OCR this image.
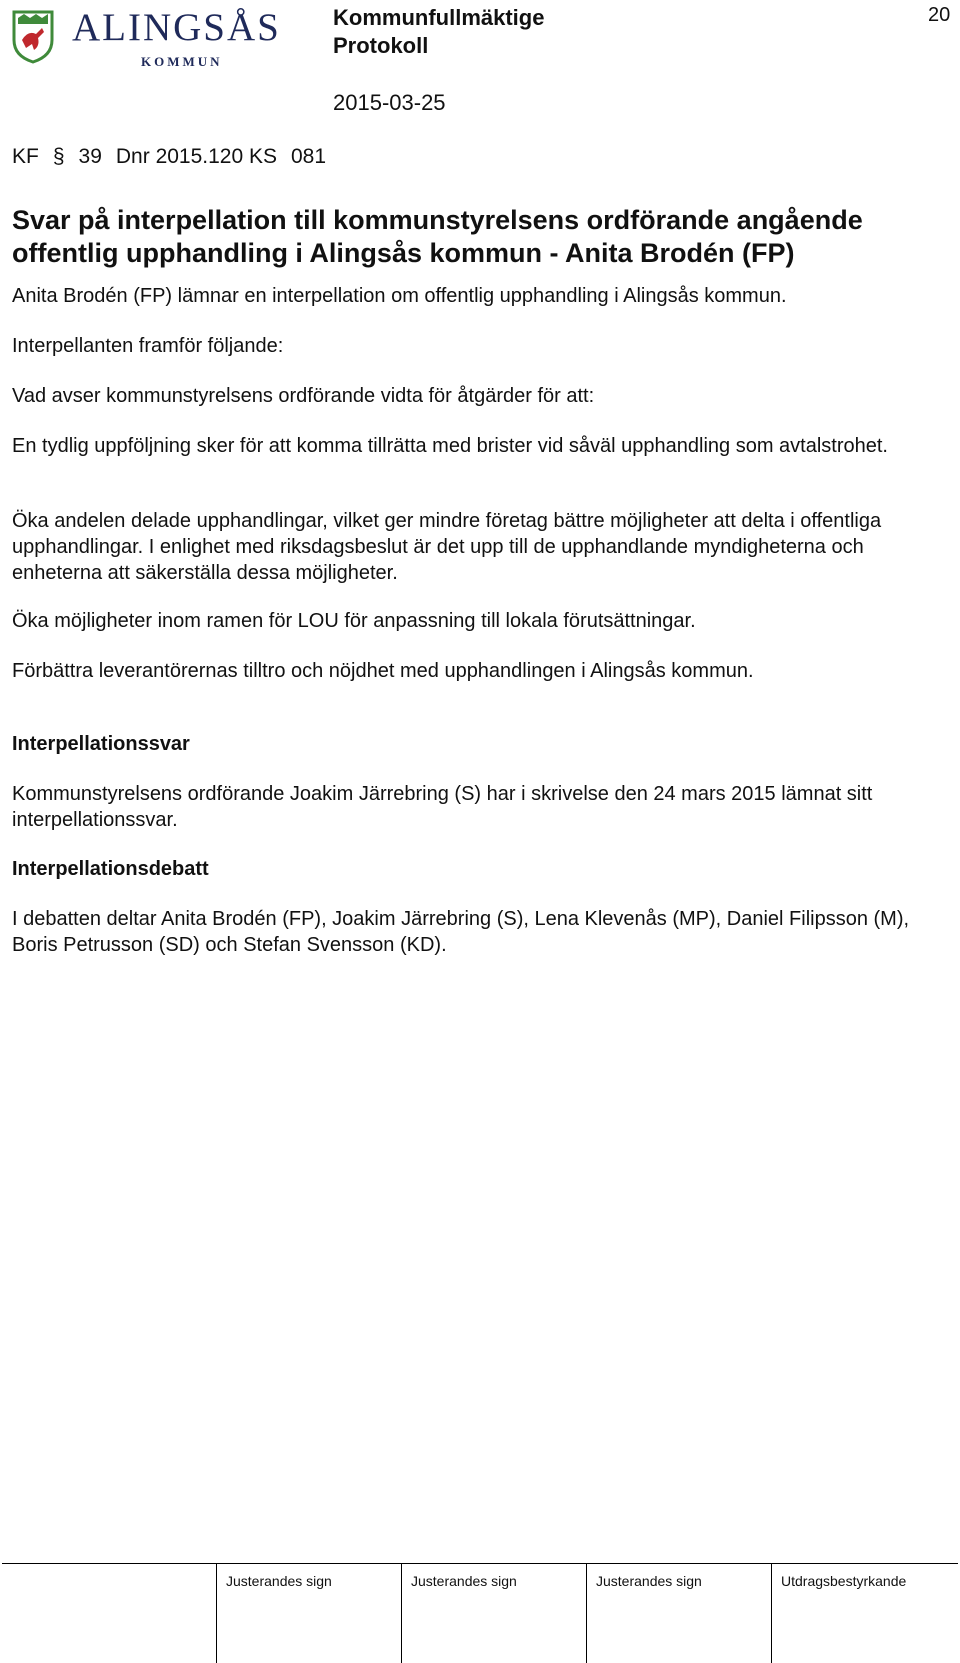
ALINGSÅS
KOMMUN
Kommunfullmäktige
Protokoll
2015-03-25
20
KF § 39 Dnr 2015.120 KS 081
Svar på interpellation till kommunstyrelsens ordförande angående offentlig upphandling i Alingsås kommun - Anita Brodén (FP)

Anita Brodén (FP) lämnar en interpellation om offentlig upphandling i Alingsås kommun.

Interpellanten framför följande:

Vad avser kommunstyrelsens ordförande vidta för åtgärder för att:

En tydlig uppföljning sker för att komma tillrätta med brister vid såväl upphandling som avtalstrohet.

Öka andelen delade upphandlingar, vilket ger mindre företag bättre möjligheter att delta i offentliga upphandlingar. I enlighet med riksdagsbeslut är det upp till de upphandlande myndigheterna och enheterna att säkerställa dessa möjligheter.

Öka möjligheter inom ramen för LOU för anpassning till lokala förutsättningar.

Förbättra leverantörernas tilltro och nöjdhet med upphandlingen i Alingsås kommun.

Interpellationssvar

Kommunstyrelsens ordförande Joakim Järrebring (S) har i skrivelse den 24 mars 2015 lämnat sitt interpellationssvar.

Interpellationsdebatt

I debatten deltar Anita Brodén (FP), Joakim Järrebring (S), Lena Klevenås (MP), Daniel Filipsson (M), Boris Petrusson (SD) och Stefan Svensson (KD).

Justerandes sign	Justerandes sign	Justerandes sign	Utdragsbestyrkande
